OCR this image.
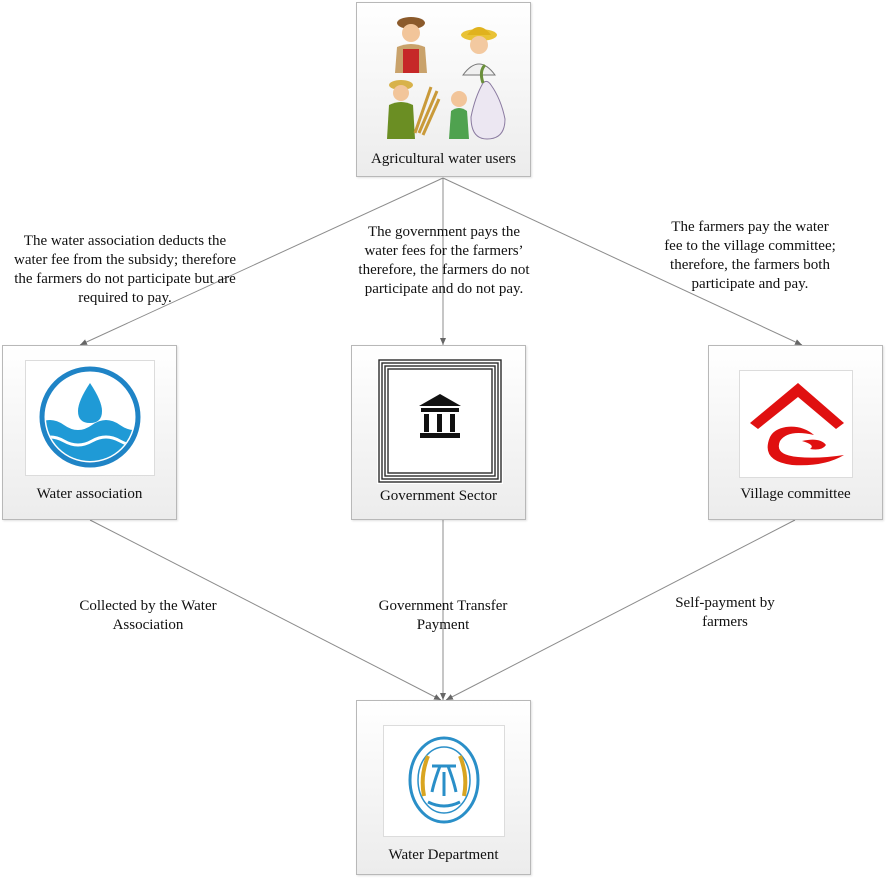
Agricultural water users
The water association deducts the water fee from the subsidy; therefore the farmers do not participate but are required to pay.
The government pays the water fees for the farmers’ therefore, the farmers do not participate and do not pay.
The farmers pay the water fee to the village committee; therefore, the farmers both participate and pay.
Water association	Government Sector	Village committee
Collected by the Water Association
Government Transfer Payment
Self-payment by farmers
Water Department
